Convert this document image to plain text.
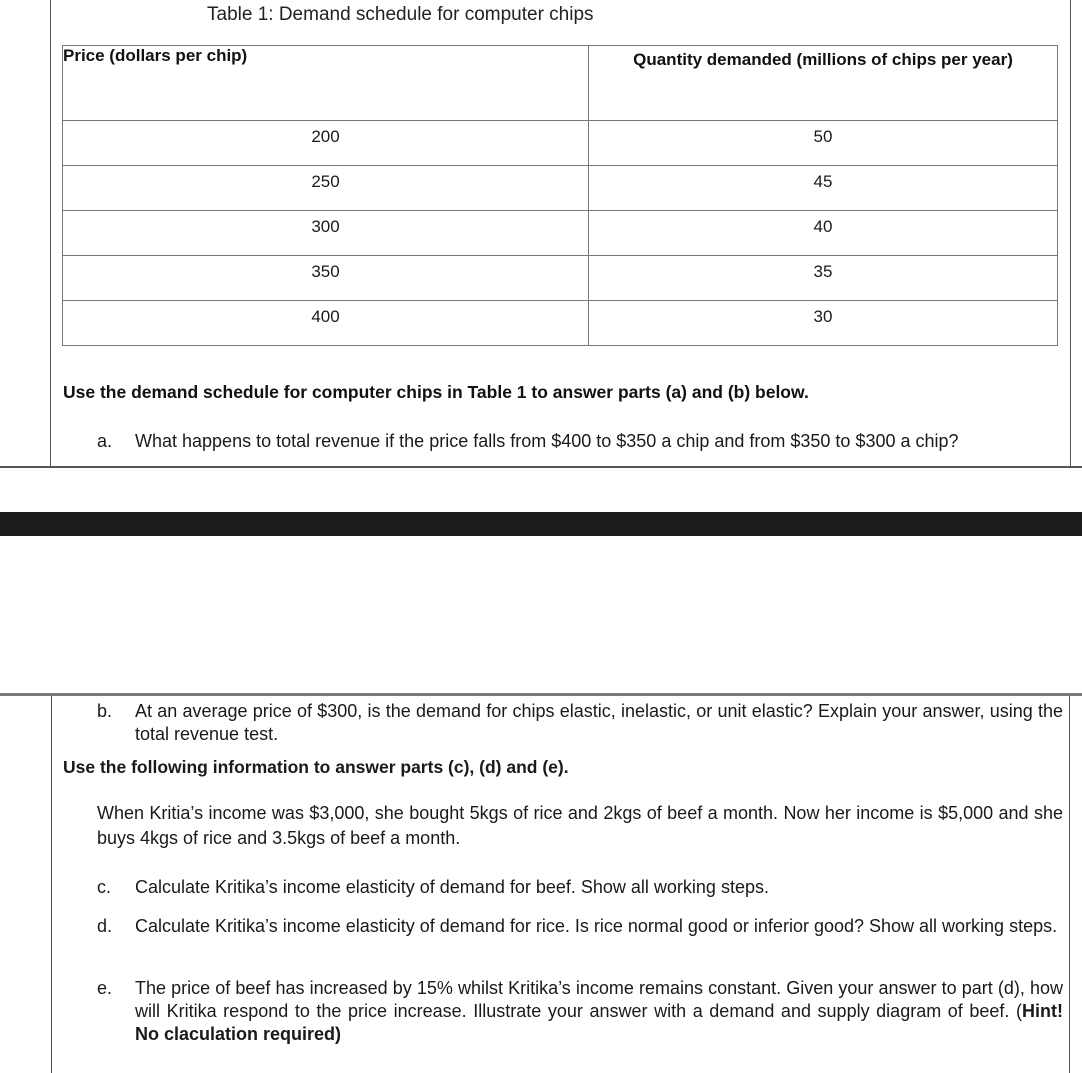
Table 1: Demand schedule for computer chips
Price (dollars per chip)	Quantity demanded (millions of chips per year)
200	50
250	45
300	40
350	35
400	30
Use the demand schedule for computer chips in Table 1 to answer parts (a) and (b) below.
a. What happens to total revenue if the price falls from $400 to $350 a chip and from $350 to $300 a chip?
b.	At an average price of $300, is the demand for chips elastic, inelastic, or unit elastic? Explain your answer, using the total revenue test.
Use the following information to answer parts (c), (d) and (e).
When Kritia’s income was $3,000, she bought 5kgs of rice and 2kgs of beef a month. Now her income is $5,000 and she buys 4kgs of rice and 3.5kgs of beef a month.
c.	Calculate Kritika’s income elasticity of demand for beef. Show all working steps.
d.	Calculate Kritika’s income elasticity of demand for rice. Is rice normal good or inferior good? Show all working steps.
e.	The price of beef has increased by 15% whilst Kritika’s income remains constant. Given your answer to part (d), how will Kritika respond to the price increase. Illustrate your answer with a demand and supply diagram of beef. (Hint! No claculation required)
